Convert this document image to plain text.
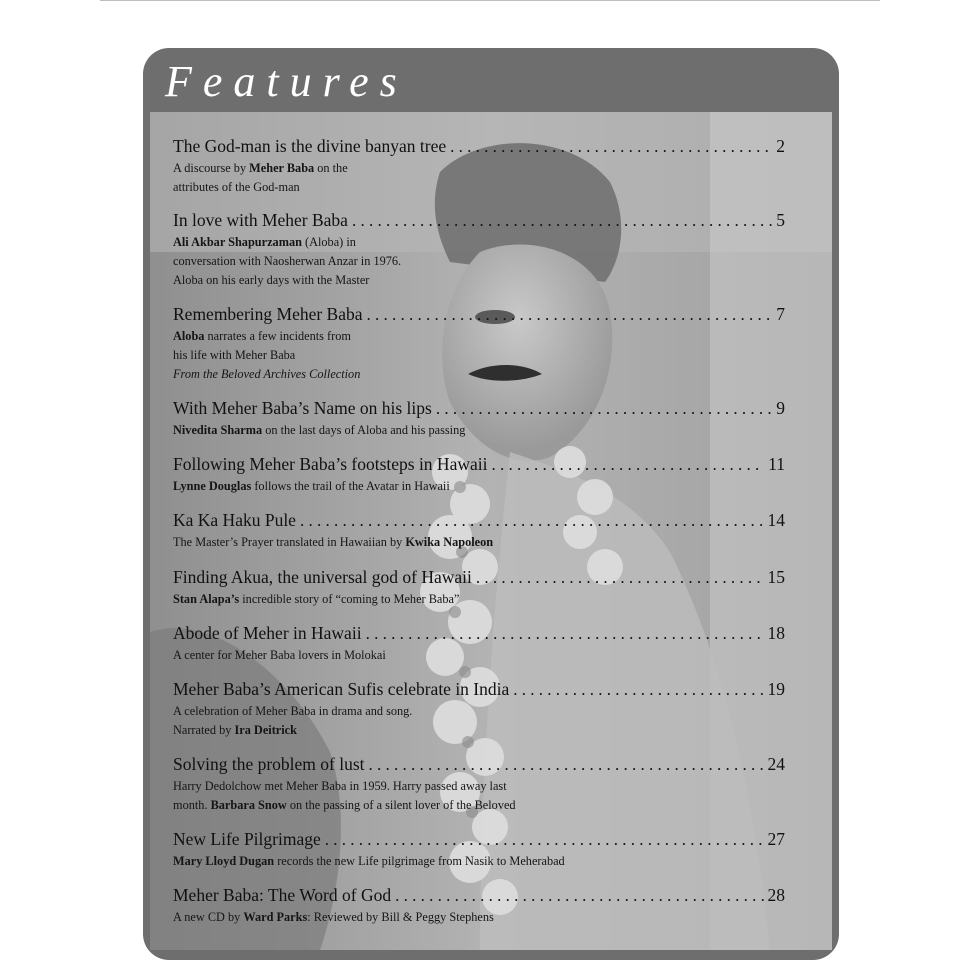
Features
The God-man is the divine banyan tree . . .	2
A discourse by Meher Baba on the
attributes of the God-man
In love with Meher Baba . . .	5
Ali Akbar Shapurzaman (Aloba) in
conversation with Naosherwan Anzar in 1976.
Aloba on his early days with the Master
Remembering Meher Baba . . .	7
Aloba narrates a few incidents from
his life with Meher Baba
From the Beloved Archives Collection
With Meher Baba’s Name on his lips . . .	9
Nivedita Sharma on the last days of Aloba and his passing
Following Meher Baba’s footsteps in Hawaii . . .	11
Lynne Douglas follows the trail of the Avatar in Hawaii
Ka Ka Haku Pule . . .	14
The Master’s Prayer translated in Hawaiian by Kwika Napoleon
Finding Akua, the universal god of Hawaii . . .	15
Stan Alapa’s incredible story of “coming to Meher Baba”
Abode of Meher in Hawaii . . .	18
A center for Meher Baba lovers in Molokai
Meher Baba’s American Sufis celebrate in India . . .	19
A celebration of Meher Baba in drama and song.
Narrated by Ira Deitrick
Solving the problem of lust . . .	24
Harry Dedolchow met Meher Baba in 1959. Harry passed away last
month. Barbara Snow on the passing of a silent lover of the Beloved
New Life Pilgrimage . . .	27
Mary Lloyd Dugan records the new Life pilgrimage from Nasik to Meherabad
Meher Baba: The Word of God . . .	28
A new CD by Ward Parks: Reviewed by Bill & Peggy Stephens
